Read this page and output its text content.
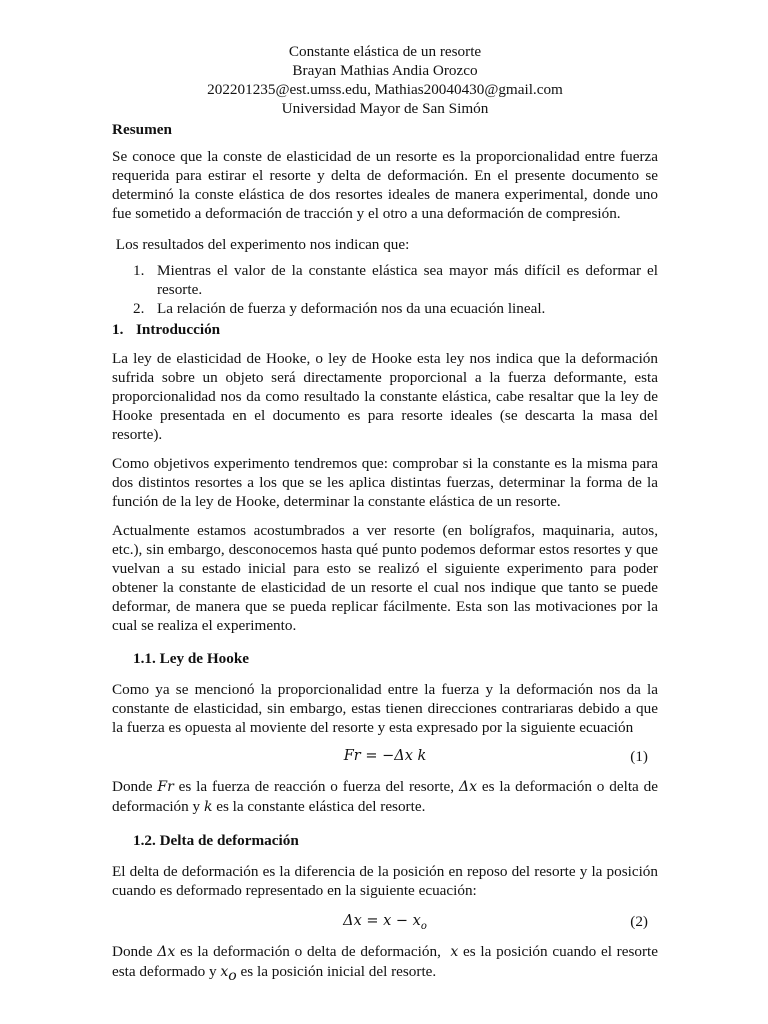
Constante elástica de un resorte
Brayan Mathias Andia Orozco
202201235@est.umss.edu, Mathias20040430@gmail.com
Universidad Mayor de San Simón
Resumen

Se conoce que la conste de elasticidad de un resorte es la proporcionalidad entre fuerza requerida para estirar el resorte y delta de deformación. En el presente documento se determinó la conste elástica de dos resortes ideales de manera experimental, donde uno fue sometido a deformación de tracción y el otro a una deformación de compresión.

Los resultados del experimento nos indican que:

1. Mientras el valor de la constante elástica sea mayor más difícil es deformar el resorte.
2. La relación de fuerza y deformación nos da una ecuación lineal.
1. Introducción

La ley de elasticidad de Hooke, o ley de Hooke esta ley nos indica que la deformación sufrida sobre un objeto será directamente proporcional a la fuerza deformante, esta proporcionalidad nos da como resultado la constante elástica, cabe resaltar que la ley de Hooke presentada en el documento es para resorte ideales (se descarta la masa del resorte).

Como objetivos experimento tendremos que: comprobar si la constante es la misma para dos distintos resortes a los que se les aplica distintas fuerzas, determinar la forma de la función de la ley de Hooke, determinar la constante elástica de un resorte.

Actualmente estamos acostumbrados a ver resorte (en bolígrafos, maquinaria, autos, etc.), sin embargo, desconocemos hasta qué punto podemos deformar estos resortes y que vuelvan a su estado inicial para esto se realizó el siguiente experimento para poder obtener la constante de elasticidad de un resorte el cual nos indique que tanto se puede deformar, de manera que se pueda replicar fácilmente. Esta son las motivaciones por la cual se realiza el experimento.

1.1. Ley de Hooke

Como ya se mencionó la proporcionalidad entre la fuerza y la deformación nos da la constante de elasticidad, sin embargo, estas tienen direcciones contrariaras debido a que la fuerza es opuesta al moviente del resorte y esta expresado por la siguiente ecuación

Fr = −Δx k	(1)

Donde Fr es la fuerza de reacción o fuerza del resorte, Δx es la deformación o delta de deformación y k es la constante elástica del resorte.

1.2. Delta de deformación

El delta de deformación es la diferencia de la posición en reposo del resorte y la posición cuando es deformado representado en la siguiente ecuación:

$\Delta x = x - x_o$	(2)

Donde Δx es la deformación o delta de deformación,  x es la posición cuando el resorte esta deformado y $x_o$ es la posición inicial del resorte.
